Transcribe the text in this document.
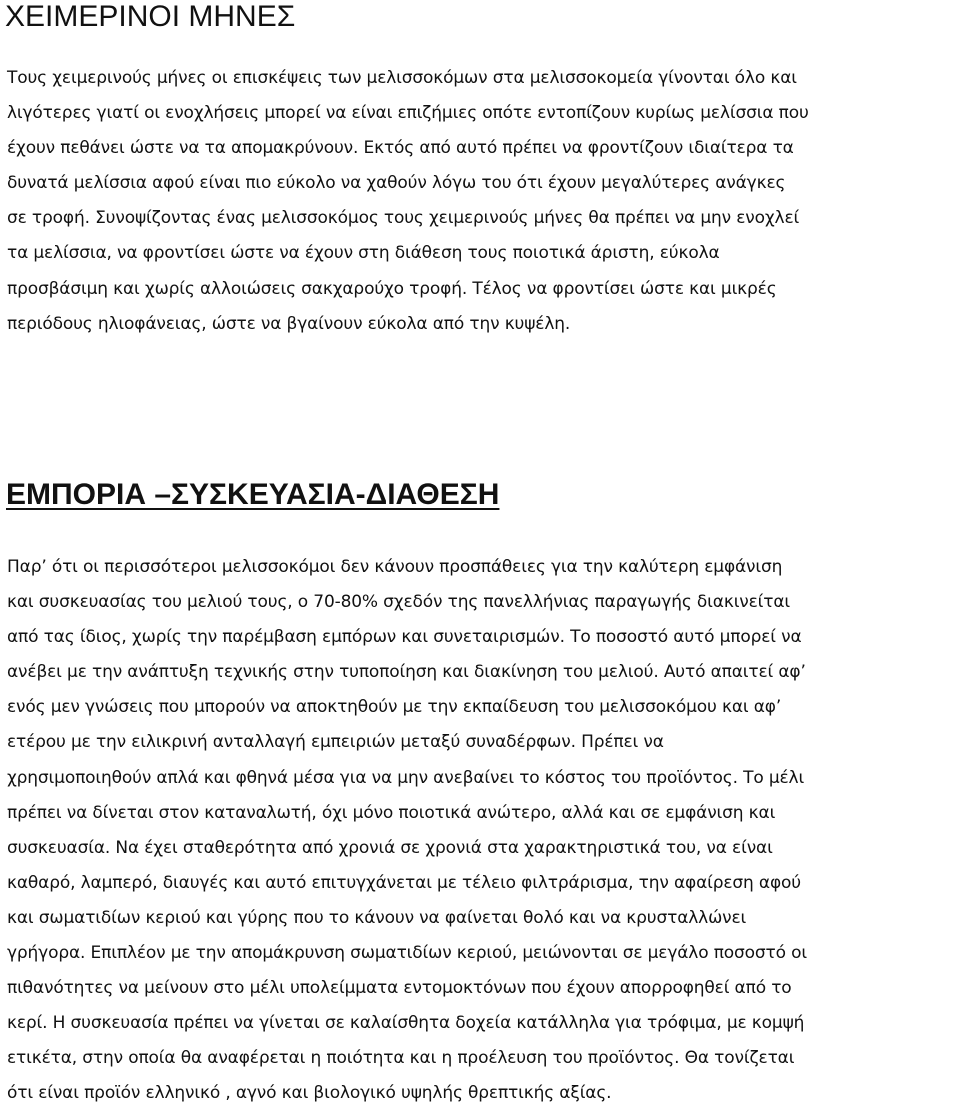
ΧΕΙΜΕΡΙΝΟΙ ΜΗΝΕΣ

Τους χειμερινούς μήνες οι επισκέψεις των μελισσοκόμων στα μελισσοκομεία γίνονται όλο και
λιγότερες γιατί οι ενοχλήσεις μπορεί να είναι επιζήμιες οπότε εντοπίζουν κυρίως μελίσσια που
έχουν πεθάνει ώστε να τα απομακρύνουν. Εκτός από αυτό πρέπει να φροντίζουν ιδιαίτερα τα
δυνατά μελίσσια αφού είναι πιο εύκολο να χαθούν λόγω του ότι έχουν μεγαλύτερες ανάγκες
σε τροφή. Συνοψίζοντας ένας μελισσοκόμος τους χειμερινούς μήνες θα πρέπει να μην ενοχλεί
τα μελίσσια, να φροντίσει ώστε να έχουν στη διάθεση τους ποιοτικά άριστη, εύκολα
προσβάσιμη και χωρίς αλλοιώσεις σακχαρούχο τροφή. Τέλος να φροντίσει ώστε και μικρές
περιόδους ηλιοφάνειας, ώστε να βγαίνουν εύκολα από την κυψέλη.

ΕΜΠΟΡΙΑ –ΣΥΣΚΕΥΑΣΙΑ-ΔΙΑΘΕΣΗ

Παρ’ ότι οι περισσότεροι μελισσοκόμοι δεν κάνουν προσπάθειες για την καλύτερη εμφάνιση
και συσκευασίας του μελιού τους, ο 70-80% σχεδόν της πανελλήνιας παραγωγής διακινείται
από τας ίδιος, χωρίς την παρέμβαση εμπόρων και συνεταιρισμών. Το ποσοστό αυτό μπορεί να
ανέβει με την ανάπτυξη τεχνικής στην τυποποίηση και διακίνηση του μελιού. Αυτό απαιτεί αφ’
ενός μεν γνώσεις που μπορούν να αποκτηθούν με την εκπαίδευση του μελισσοκόμου και αφ’
ετέρου με την ειλικρινή ανταλλαγή εμπειριών μεταξύ συναδέρφων. Πρέπει να
χρησιμοποιηθούν απλά και φθηνά μέσα για να μην ανεβαίνει το κόστος του προϊόντος. Το μέλι
πρέπει να δίνεται στον καταναλωτή, όχι μόνο ποιοτικά ανώτερο, αλλά και σε εμφάνιση και
συσκευασία. Να έχει σταθερότητα από χρονιά σε χρονιά στα χαρακτηριστικά του, να είναι
καθαρό, λαμπερό, διαυγές και αυτό επιτυγχάνεται με τέλειο φιλτράρισμα, την αφαίρεση αφού
και σωματιδίων κεριού και γύρης που το κάνουν να φαίνεται θολό και να κρυσταλλώνει
γρήγορα. Επιπλέον με την απομάκρυνση σωματιδίων κεριού, μειώνονται σε μεγάλο ποσοστό οι
πιθανότητες να μείνουν στο μέλι υπολείμματα εντομοκτόνων που έχουν απορροφηθεί από το
κερί. Η συσκευασία πρέπει να γίνεται σε καλαίσθητα δοχεία κατάλληλα για τρόφιμα, με κομψή
ετικέτα, στην οποία θα αναφέρεται η ποιότητα και η προέλευση του προϊόντος. Θα τονίζεται
ότι είναι προϊόν ελληνικό , αγνό και βιολογικό υψηλής θρεπτικής αξίας.
